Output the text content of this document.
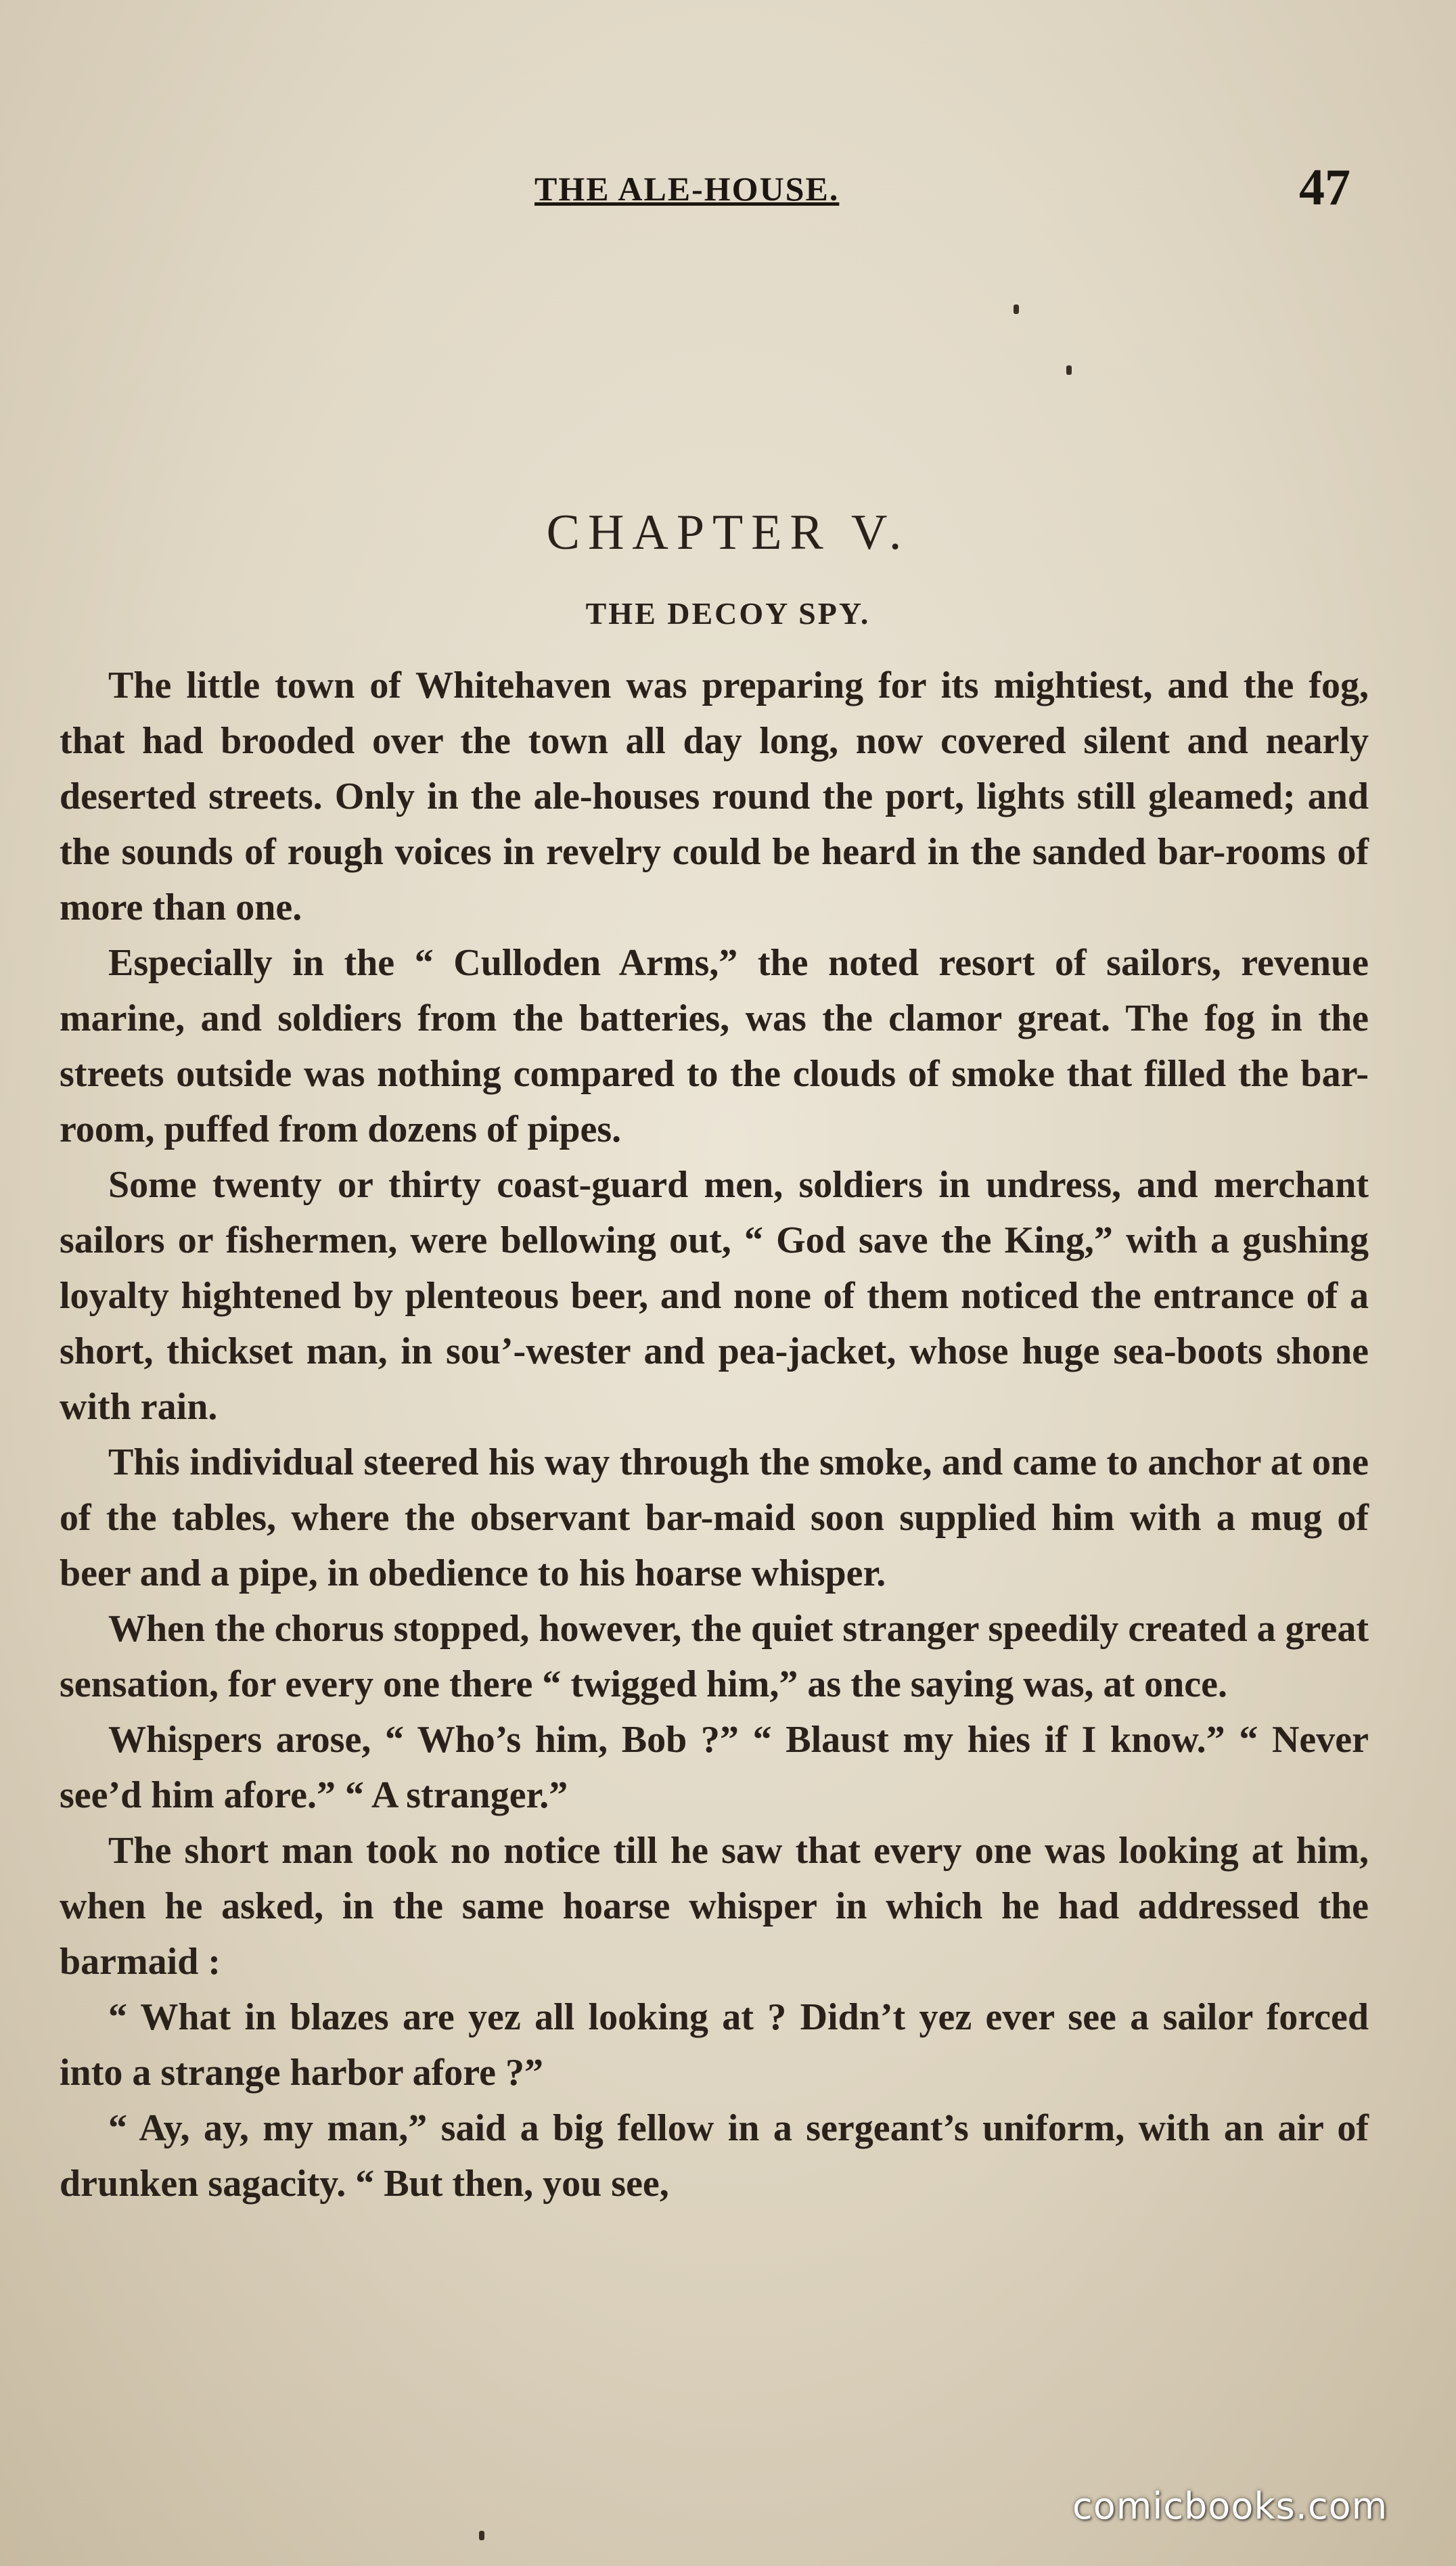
THE ALE-HOUSE.	47
CHAPTER V.
THE DECOY SPY.

The little town of Whitehaven was preparing for its mightiest, and the fog, that had brooded over the town all day long, now covered silent and nearly deserted streets. Only in the ale-houses round the port, lights still gleamed; and the sounds of rough voices in revelry could be heard in the sanded bar-rooms of more than one.

Especially in the “ Culloden Arms,” the noted resort of sailors, revenue marine, and soldiers from the batteries, was the clamor great. The fog in the streets outside was nothing compared to the clouds of smoke that filled the bar-room, puffed from dozens of pipes.

Some twenty or thirty coast-guard men, soldiers in undress, and merchant sailors or fishermen, were bellowing out, “ God save the King,” with a gushing loyalty hightened by plenteous beer, and none of them noticed the entrance of a short, thickset man, in sou’-wester and pea-jacket, whose huge sea-boots shone with rain.

This individual steered his way through the smoke, and came to anchor at one of the tables, where the observant bar-maid soon supplied him with a mug of beer and a pipe, in obedience to his hoarse whisper.

When the chorus stopped, however, the quiet stranger speedily created a great sensation, for every one there “ twigged him,” as the saying was, at once.

Whispers arose, “ Who’s him, Bob ?” “ Blaust my hies if I know.” “ Never see’d him afore.” “ A stranger.”

The short man took no notice till he saw that every one was looking at him, when he asked, in the same hoarse whisper in which he had addressed the barmaid :

“ What in blazes are yez all looking at ? Didn’t yez ever see a sailor forced into a strange harbor afore ?”

“ Ay, ay, my man,” said a big fellow in a sergeant’s uniform, with an air of drunken sagacity. “ But then, you see,

comicbooks.com
